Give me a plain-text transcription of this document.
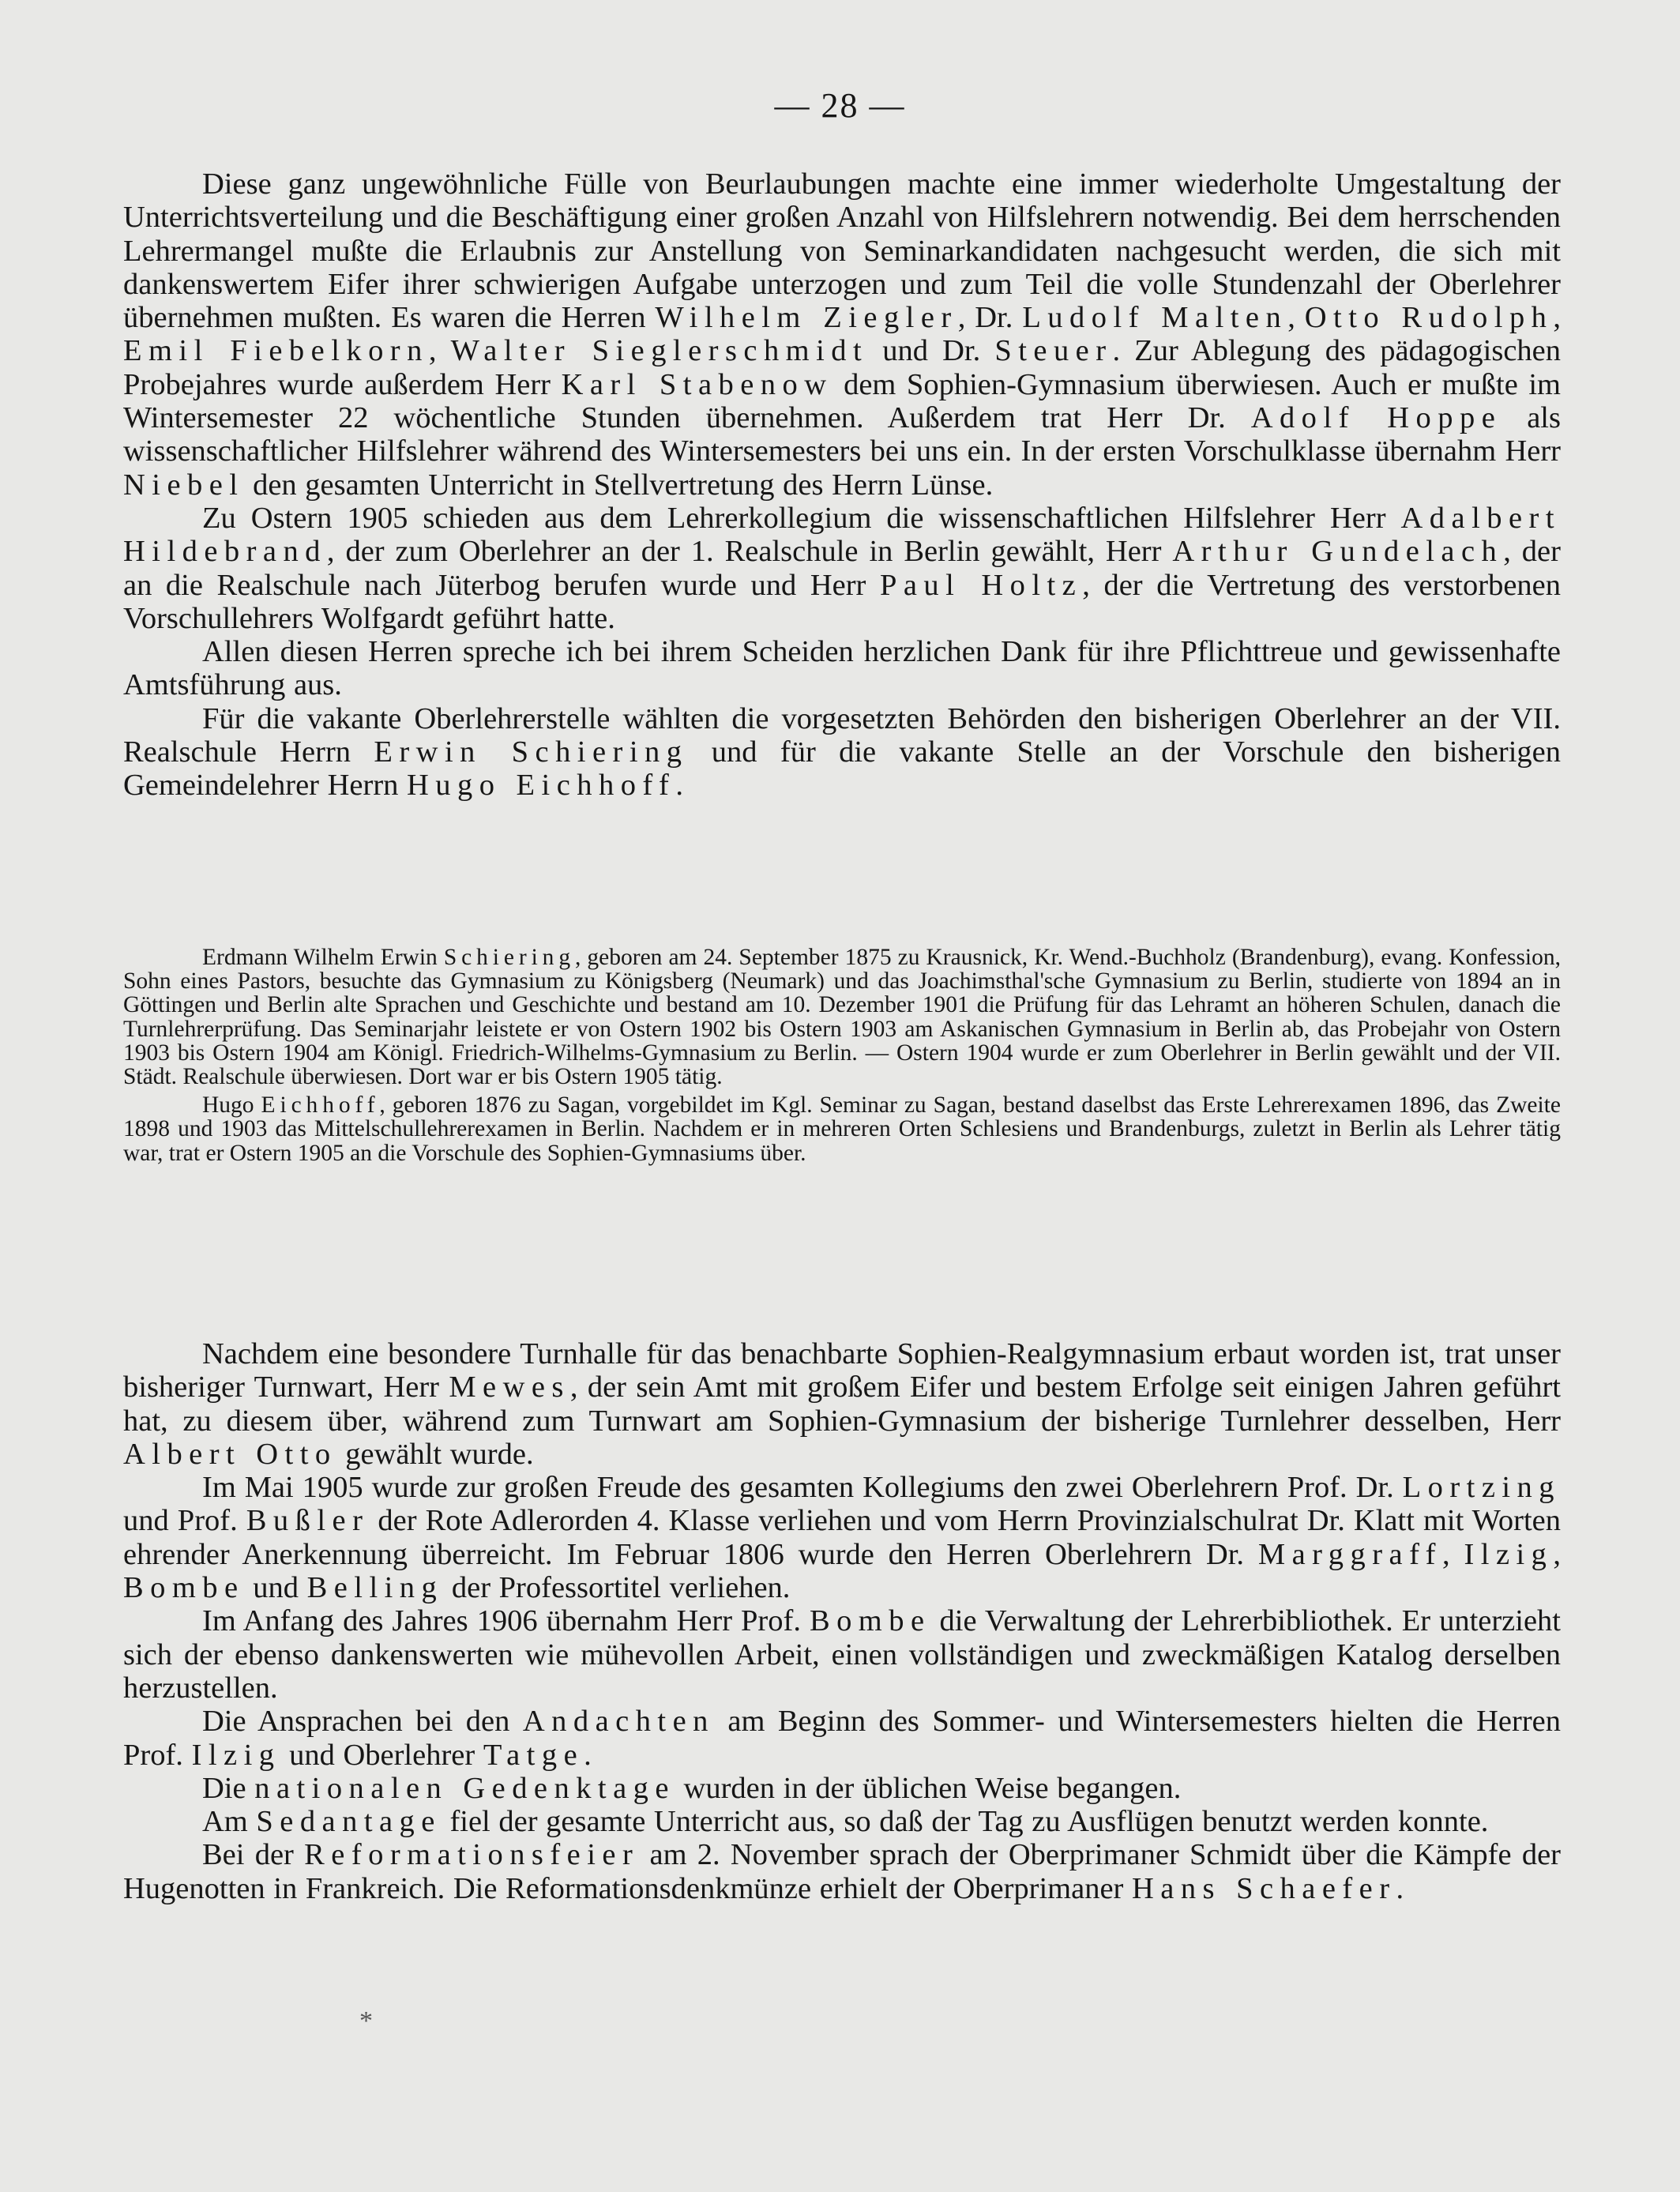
— 28 —

Diese ganz ungewöhnliche Fülle von Beurlaubungen machte eine immer wiederholte Umgestaltung der Unterrichtsverteilung und die Beschäftigung einer großen Anzahl von Hilfslehrern notwendig. Bei dem herrschenden Lehrermangel mußte die Erlaubnis zur Anstellung von Seminarkandidaten nachgesucht werden, die sich mit dankenswertem Eifer ihrer schwierigen Aufgabe unterzogen und zum Teil die volle Stundenzahl der Oberlehrer übernehmen mußten. Es waren die Herren Wilhelm Ziegler, Dr. Ludolf Malten, Otto Rudolph, Emil Fiebelkorn, Walter Sieglerschmidt und Dr. Steuer. Zur Ablegung des pädagogischen Probejahres wurde außerdem Herr Karl Stabenow dem Sophien-Gymnasium überwiesen. Auch er mußte im Wintersemester 22 wöchentliche Stunden übernehmen. Außerdem trat Herr Dr. Adolf Hoppe als wissenschaftlicher Hilfslehrer während des Wintersemesters bei uns ein. In der ersten Vorschulklasse übernahm Herr Niebel den gesamten Unterricht in Stellvertretung des Herrn Lünse.

Zu Ostern 1905 schieden aus dem Lehrerkollegium die wissenschaftlichen Hilfslehrer Herr Adalbert Hildebrand, der zum Oberlehrer an der 1. Realschule in Berlin gewählt, Herr Arthur Gundelach, der an die Realschule nach Jüterbog berufen wurde und Herr Paul Holtz, der die Vertretung des verstorbenen Vorschullehrers Wolfgardt geführt hatte.

Allen diesen Herren spreche ich bei ihrem Scheiden herzlichen Dank für ihre Pflichttreue und gewissenhafte Amtsführung aus.

Für die vakante Oberlehrerstelle wählten die vorgesetzten Behörden den bisherigen Oberlehrer an der VII. Realschule Herrn Erwin Schiering und für die vakante Stelle an der Vorschule den bisherigen Gemeindelehrer Herrn Hugo Eichhoff.

Erdmann Wilhelm Erwin Schiering, geboren am 24. September 1875 zu Krausnick, Kr. Wend.-Buchholz (Brandenburg), evang. Konfession, Sohn eines Pastors, besuchte das Gymnasium zu Königsberg (Neumark) und das Joachimsthal'sche Gymnasium zu Berlin, studierte von 1894 an in Göttingen und Berlin alte Sprachen und Geschichte und bestand am 10. Dezember 1901 die Prüfung für das Lehramt an höheren Schulen, danach die Turnlehrerprüfung. Das Seminarjahr leistete er von Ostern 1902 bis Ostern 1903 am Askanischen Gymnasium in Berlin ab, das Probejahr von Ostern 1903 bis Ostern 1904 am Königl. Friedrich-Wilhelms-Gymnasium zu Berlin. — Ostern 1904 wurde er zum Oberlehrer in Berlin gewählt und der VII. Städt. Realschule überwiesen. Dort war er bis Ostern 1905 tätig.

Hugo Eichhoff, geboren 1876 zu Sagan, vorgebildet im Kgl. Seminar zu Sagan, bestand daselbst das Erste Lehrerexamen 1896, das Zweite 1898 und 1903 das Mittelschullehrerexamen in Berlin. Nachdem er in mehreren Orten Schlesiens und Brandenburgs, zuletzt in Berlin als Lehrer tätig war, trat er Ostern 1905 an die Vorschule des Sophien-Gymnasiums über.

Nachdem eine besondere Turnhalle für das benachbarte Sophien-Realgymnasium erbaut worden ist, trat unser bisheriger Turnwart, Herr Mewes, der sein Amt mit großem Eifer und bestem Erfolge seit einigen Jahren geführt hat, zu diesem über, während zum Turnwart am Sophien-Gymnasium der bisherige Turnlehrer desselben, Herr Albert Otto gewählt wurde.

Im Mai 1905 wurde zur großen Freude des gesamten Kollegiums den zwei Oberlehrern Prof. Dr. Lortzing und Prof. Bußler der Rote Adlerorden 4. Klasse verliehen und vom Herrn Provinzialschulrat Dr. Klatt mit Worten ehrender Anerkennung überreicht. Im Februar 1806 wurde den Herren Oberlehrern Dr. Marggraff, Ilzig, Bombe und Belling der Professortitel verliehen.

Im Anfang des Jahres 1906 übernahm Herr Prof. Bombe die Verwaltung der Lehrerbibliothek. Er unterzieht sich der ebenso dankenswerten wie mühevollen Arbeit, einen vollständigen und zweckmäßigen Katalog derselben herzustellen.

Die Ansprachen bei den Andachten am Beginn des Sommer- und Wintersemesters hielten die Herren Prof. Ilzig und Oberlehrer Tatge.

Die nationalen Gedenktage wurden in der üblichen Weise begangen.

Am Sedantage fiel der gesamte Unterricht aus, so daß der Tag zu Ausflügen benutzt werden konnte.

Bei der Reformationsfeier am 2. November sprach der Oberprimaner Schmidt über die Kämpfe der Hugenotten in Frankreich. Die Reformationsdenkmünze erhielt der Oberprimaner Hans Schaefer.

*
